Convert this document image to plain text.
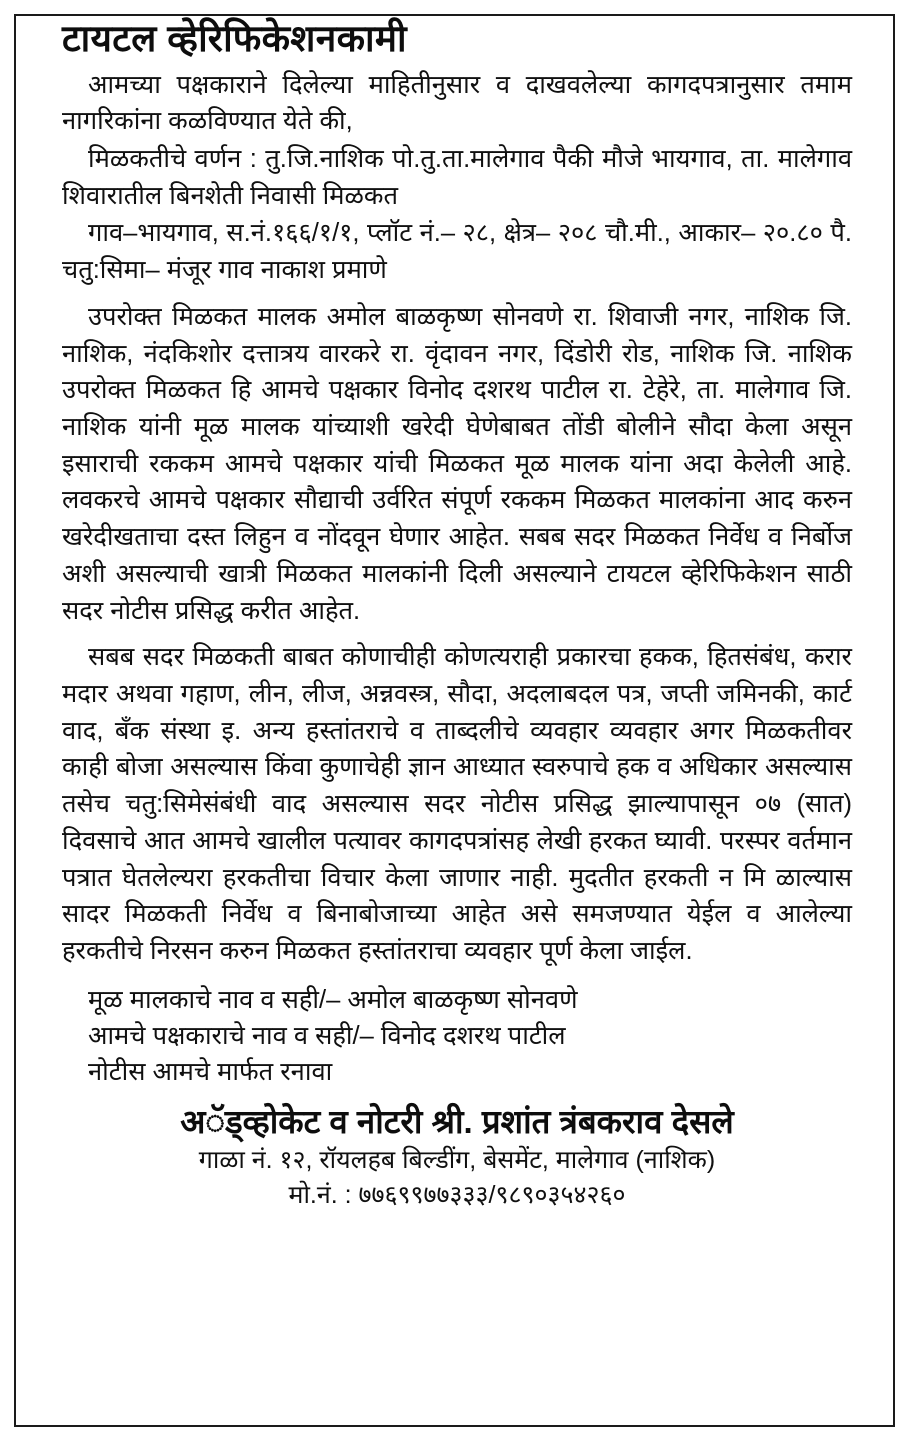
टायटल व्हेरिफिकेशनकामी

आमच्या पक्षकाराने दिलेल्या माहितीनुसार व दाखवलेल्या कागदपत्रानुसार तमाम नागरिकांना कळविण्यात येते की,

मिळकतीचे वर्णन : तु.जि.नाशिक पो.तु.ता.मालेगाव पैकी मौजे भायगाव, ता. मालेगाव शिवारातील बिनशेती निवासी मिळकत

गाव–भायगाव, स.नं.१६६/१/१, प्लॉट नं.– २८, क्षेत्र– २०८ चौ.मी., आकार– २०.८० पै. चतु:सिमा– मंजूर गाव नाकाश प्रमाणे

उपरोक्त मिळकत मालक अमोल बाळकृष्ण सोनवणे रा. शिवाजी नगर, नाशिक जि. नाशिक, नंदकिशोर दत्तात्रय वारकरे रा. वृंदावन नगर, दिंडोरी रोड, नाशिक जि. नाशिक उपरोक्त मिळकत हि आमचे पक्षकार विनोद दशरथ पाटील रा. टेहेरे, ता. मालेगाव जि. नाशिक यांनी मूळ मालक यांच्याशी खरेदी घेणेबाबत तोंडी बोलीने सौदा केला असून इसाराची रककम आमचे पक्षकार यांची मिळकत मूळ मालक यांना अदा केलेली आहे. लवकरचे आमचे पक्षकार सौद्याची उर्वरित संपूर्ण रककम मिळकत मालकांना आद करुन खरेदीखताचा दस्त लिहुन व नोंदवून घेणार आहेत. सबब सदर मिळकत निर्वेध व निर्बोज अशी असल्याची खात्री मिळकत मालकांनी दिली असल्याने टायटल व्हेरिफिकेशन साठी सदर नोटीस प्रसिद्ध करीत आहेत.

सबब सदर मिळकती बाबत कोणाचीही कोणत्यराही प्रकारचा हकक, हितसंबंध, करार मदार अथवा गहाण, लीन, लीज, अन्नवस्त्र, सौदा, अदलाबदल पत्र, जप्ती जमिनकी, कार्ट वाद, बँक संस्था इ. अन्य हस्तांतराचे व ताब्दलीचे व्यवहार व्यवहार अगर मिळकतीवर काही बोजा असल्यास किंवा कुणाचेही ज्ञान आध्यात स्वरुपाचे हक व अधिकार असल्यास तसेच चतु:सिमेसंबंधी वाद असल्यास सदर नोटीस प्रसिद्ध झाल्यापासून ०७ (सात) दिवसाचे आत आमचे खालील पत्यावर कागदपत्रांसह लेखी हरकत घ्यावी. परस्पर वर्तमान पत्रात घेतलेल्यरा हरकतीचा विचार केला जाणार नाही. मुदतीत हरकती न मि ळाल्यास सादर मिळकती निर्वेध व बिनाबोजाच्या आहेत असे समजण्यात येईल व आलेल्या हरकतीचे निरसन करुन मिळकत हस्तांतराचा व्यवहार पूर्ण केला जाईल.

मूळ मालकाचे नाव व सही/– अमोल बाळकृष्ण सोनवणे

आमचे पक्षकाराचे नाव व सही/– विनोद दशरथ पाटील

नोटीस आमचे मार्फत रनावा

अॅड्व्होकेट व नोटरी श्री. प्रशांत त्रंबकराव देसले

गाळा नं. १२, रॉयलहब बिल्डींग, बेसमेंट, मालेगाव (नाशिक)

मो.नं. : ७७६९९७७३३३/९८९०३५४२६०
